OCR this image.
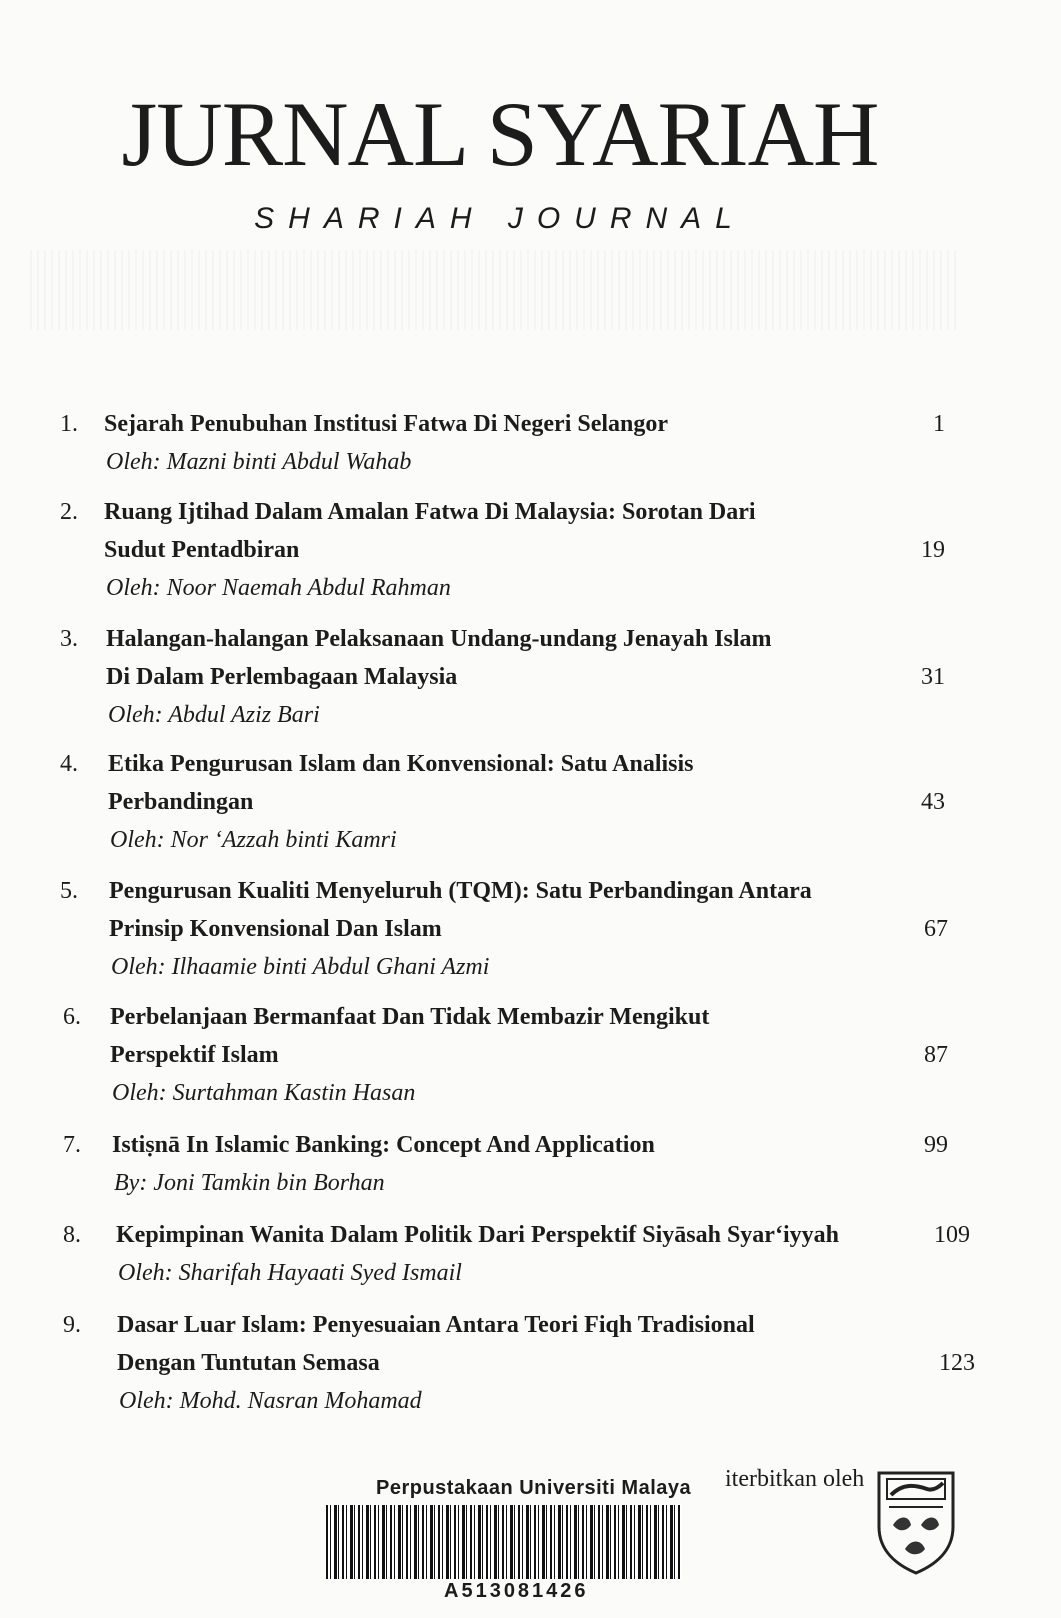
JURNAL SYARIAH
SHARIAH JOURNAL
1. Sejarah Penubuhan Institusi Fatwa Di Negeri Selangor
Oleh: Mazni binti Abdul Wahab
1
2. Ruang Ijtihad Dalam Amalan Fatwa Di Malaysia: Sorotan Dari
Sudut Pentadbiran
Oleh: Noor Naemah Abdul Rahman
19
3. Halangan-halangan Pelaksanaan Undang-undang Jenayah Islam
Di Dalam Perlembagaan Malaysia
Oleh: Abdul Aziz Bari
31
4. Etika Pengurusan Islam dan Konvensional: Satu Analisis
Perbandingan
Oleh: Nor ‘Azzah binti Kamri
43
5. Pengurusan Kualiti Menyeluruh (TQM): Satu Perbandingan Antara
Prinsip Konvensional Dan Islam
Oleh: Ilhaamie binti Abdul Ghani Azmi
67
6. Perbelanjaan Bermanfaat Dan Tidak Membazir Mengikut
Perspektif Islam
Oleh: Surtahman Kastin Hasan
87
7. Istiṣnā In Islamic Banking: Concept And Application
By: Joni Tamkin bin Borhan
99
8. Kepimpinan Wanita Dalam Politik Dari Perspektif Siyāsah Syar‘iyyah
Oleh: Sharifah Hayaati Syed Ismail
109
9. Dasar Luar Islam: Penyesuaian Antara Teori Fiqh Tradisional
Dengan Tuntutan Semasa
Oleh: Mohd. Nasran Mohamad
123
Perpustakaan Universiti Malaya
A513081426
iterbitkan oleh
